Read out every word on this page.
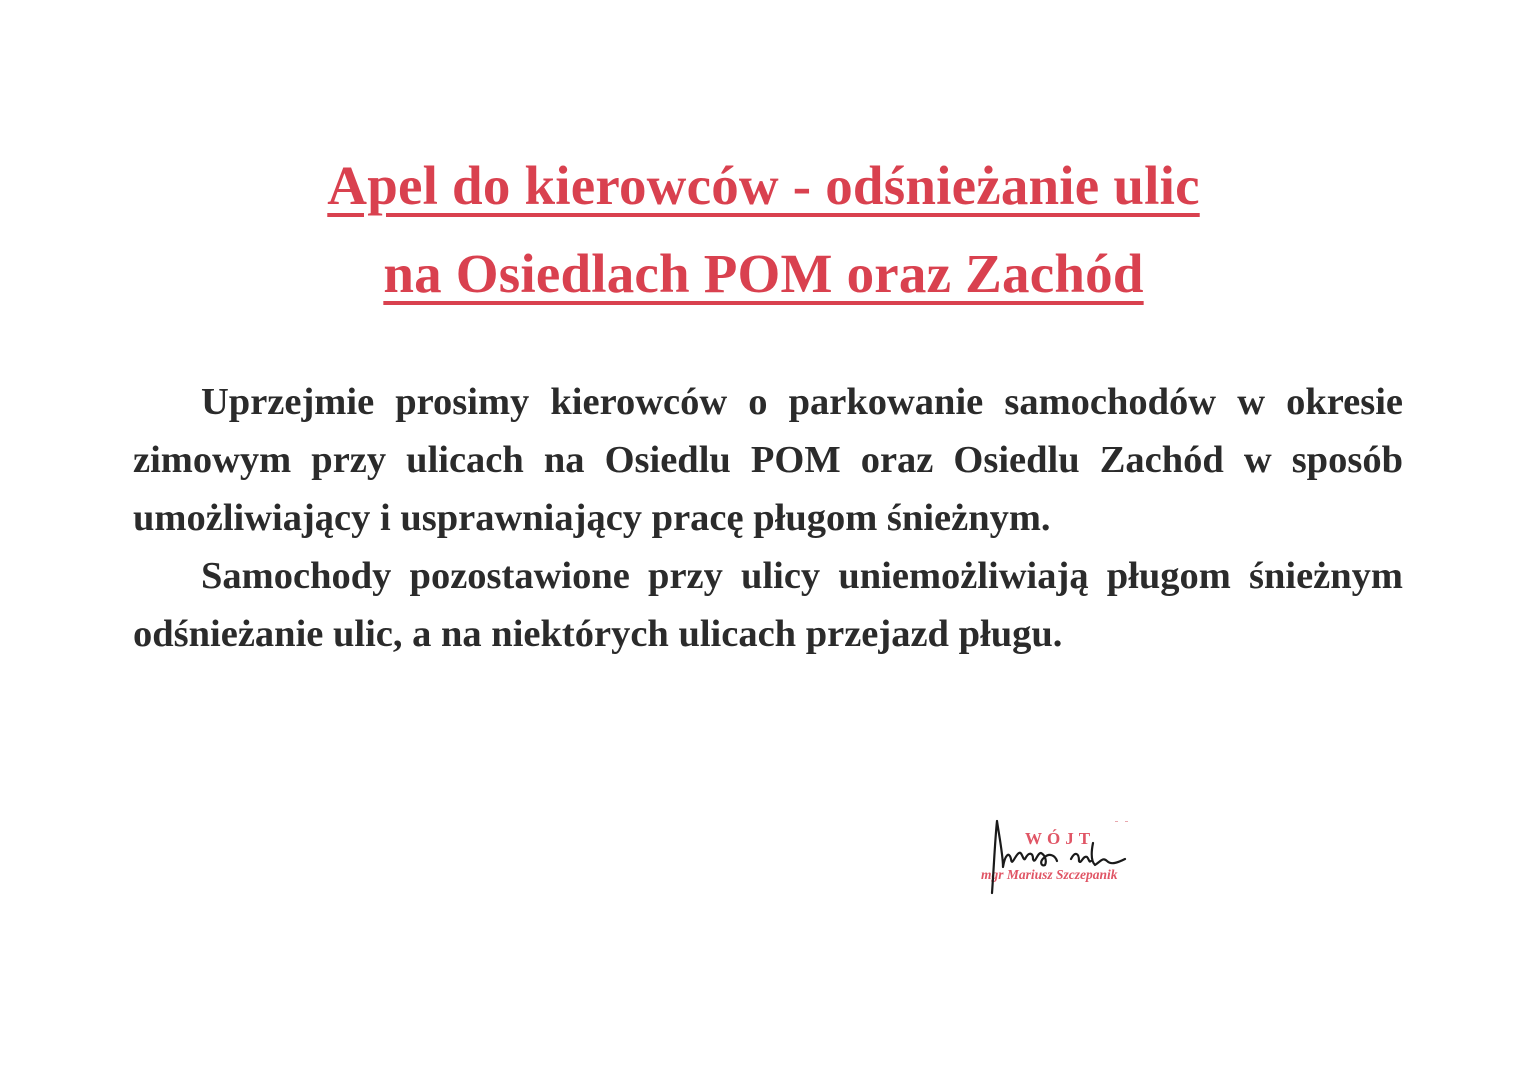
Apel do kierowców - odśnieżanie ulic
na Osiedlach POM oraz Zachód

Uprzejmie prosimy kierowców o parkowanie samochodów w okresie zimowym przy ulicach na Osiedlu POM oraz Osiedlu Zachód w sposób umożliwiający i usprawniający pracę pługom śnieżnym.

Samochody pozostawione przy ulicy uniemożliwiają pługom śnieżnym odśnieżanie ulic, a na niektórych ulicach przejazd pługu.

WÓJT
mgr Mariusz Szczepanik
